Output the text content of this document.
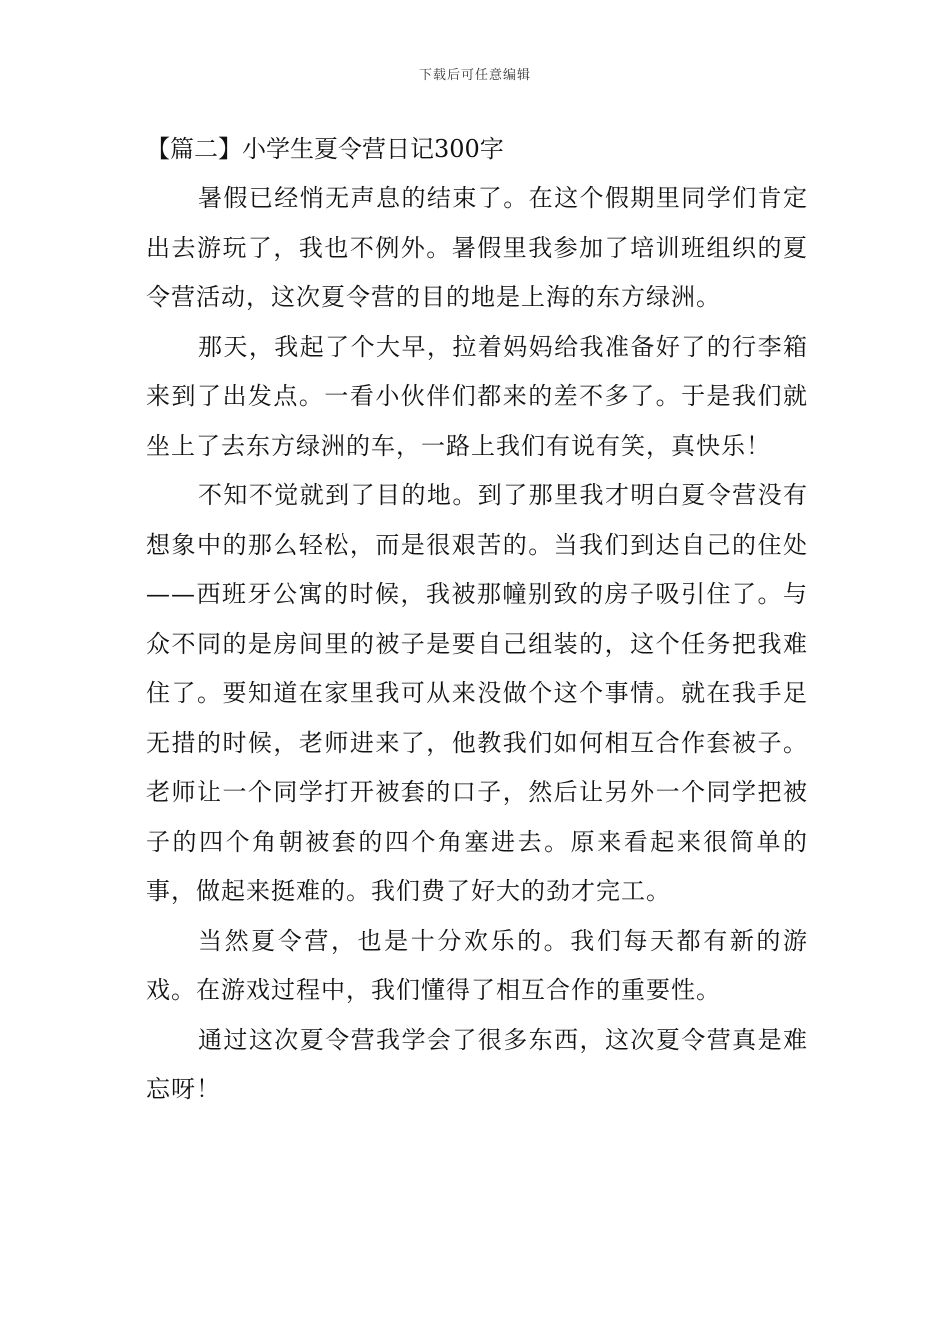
下载后可任意编辑
【篇二】小学生夏令营日记300字

暑假已经悄无声息的结束了。在这个假期里同学们肯定出去游玩了，我也不例外。暑假里我参加了培训班组织的夏令营活动，这次夏令营的目的地是上海的东方绿洲。

那天，我起了个大早，拉着妈妈给我准备好了的行李箱来到了出发点。一看小伙伴们都来的差不多了。于是我们就坐上了去东方绿洲的车，一路上我们有说有笑，真快乐！

不知不觉就到了目的地。到了那里我才明白夏令营没有想象中的那么轻松，而是很艰苦的。当我们到达自己的住处——西班牙公寓的时候，我被那幢别致的房子吸引住了。与众不同的是房间里的被子是要自己组装的，这个任务把我难住了。要知道在家里我可从来没做个这个事情。就在我手足无措的时候，老师进来了，他教我们如何相互合作套被子。老师让一个同学打开被套的口子，然后让另外一个同学把被子的四个角朝被套的四个角塞进去。原来看起来很简单的事，做起来挺难的。我们费了好大的劲才完工。

当然夏令营，也是十分欢乐的。我们每天都有新的游戏。在游戏过程中，我们懂得了相互合作的重要性。

通过这次夏令营我学会了很多东西，这次夏令营真是难忘呀！
